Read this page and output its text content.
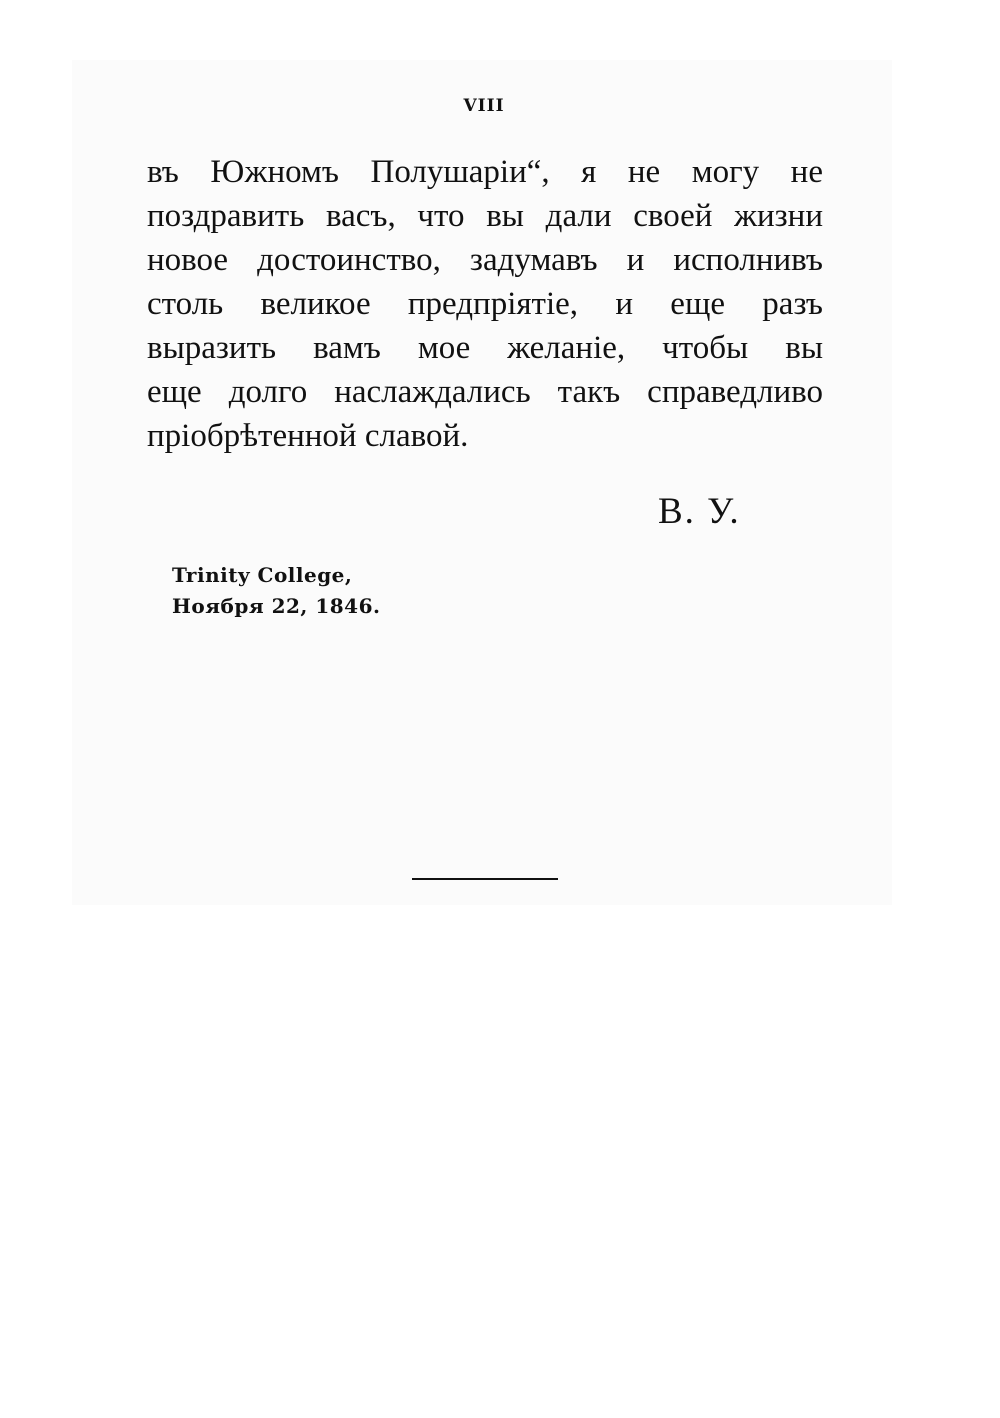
VIII
въ Южномъ Полушаріи“, я не могу не
поздравить васъ, что вы дали своей жизни
новое достоинство, задумавъ и исполнивъ
столь великое предпріятіе, и еще разъ
выразить вамъ мое желаніе, чтобы вы
еще долго наслаждались такъ справедливо
пріобрѣтенной славой.
В. У.
Trinity College,
Ноября 22, 1846.
